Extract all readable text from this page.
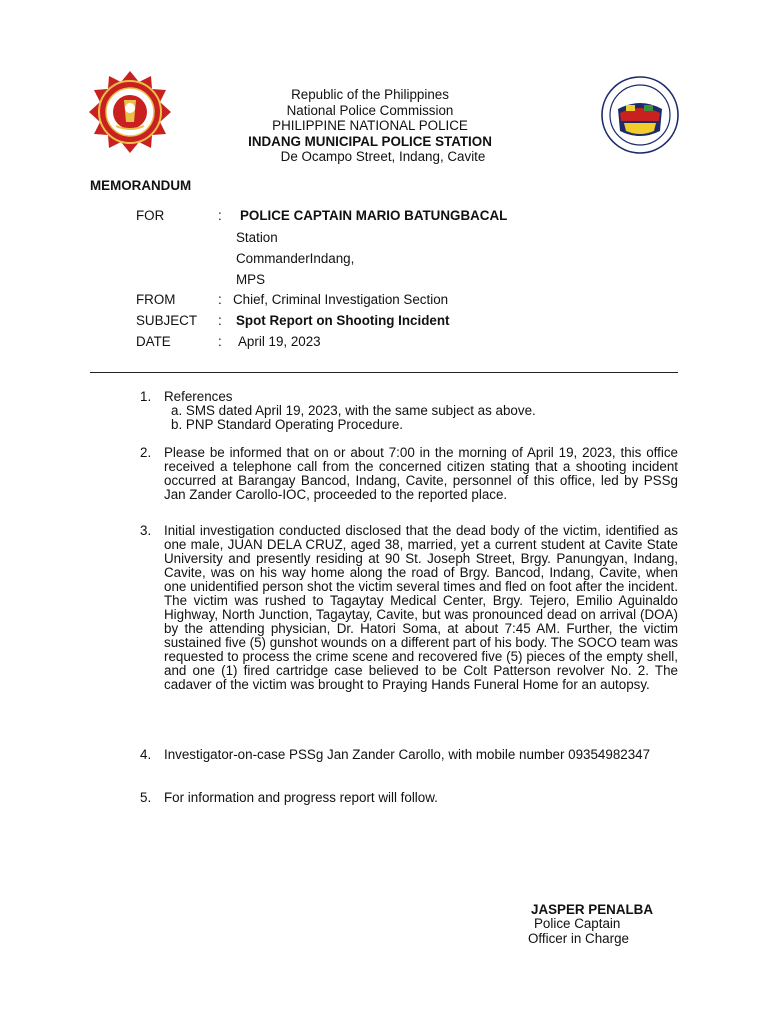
Republic of the Philippines
National Police Commission
PHILIPPINE NATIONAL POLICE
INDANG MUNICIPAL POLICE STATION
De Ocampo Street, Indang, Cavite
MEMORANDUM
FOR	: POLICE CAPTAIN MARIO BATUNGBACAL
Station
CommanderIndang,
MPS
FROM	: Chief, Criminal Investigation Section
SUBJECT : Spot Report on Shooting Incident
DATE	: April 19, 2023
1. References
a. SMS dated April 19, 2023, with the same subject as above.
b. PNP Standard Operating Procedure.
2. Please be informed that on or about 7:00 in the morning of April 19, 2023, this office received a telephone call from the concerned citizen stating that a shooting incident occurred at Barangay Bancod, Indang, Cavite, personnel of this office, led by PSSg Jan Zander Carollo-IOC, proceeded to the reported place.
3. Initial investigation conducted disclosed that the dead body of the victim, identified as one male, JUAN DELA CRUZ, aged 38, married, yet a current student at Cavite State University and presently residing at 90 St. Joseph Street, Brgy. Panungyan, Indang, Cavite, was on his way home along the road of Brgy. Bancod, Indang, Cavite, when one unidentified person shot the victim several times and fled on foot after the incident. The victim was rushed to Tagaytay Medical Center, Brgy. Tejero, Emilio Aguinaldo Highway, North Junction, Tagaytay, Cavite, but was pronounced dead on arrival (DOA) by the attending physician, Dr. Hatori Soma, at about 7:45 AM. Further, the victim sustained five (5) gunshot wounds on a different part of his body. The SOCO team was requested to process the crime scene and recovered five (5) pieces of the empty shell, and one (1) fired cartridge case believed to be Colt Patterson revolver No. 2. The cadaver of the victim was brought to Praying Hands Funeral Home for an autopsy.
4. Investigator-on-case PSSg Jan Zander Carollo, with mobile number 09354982347
5. For information and progress report will follow.
JASPER PENALBA
Police Captain
Officer in Charge
